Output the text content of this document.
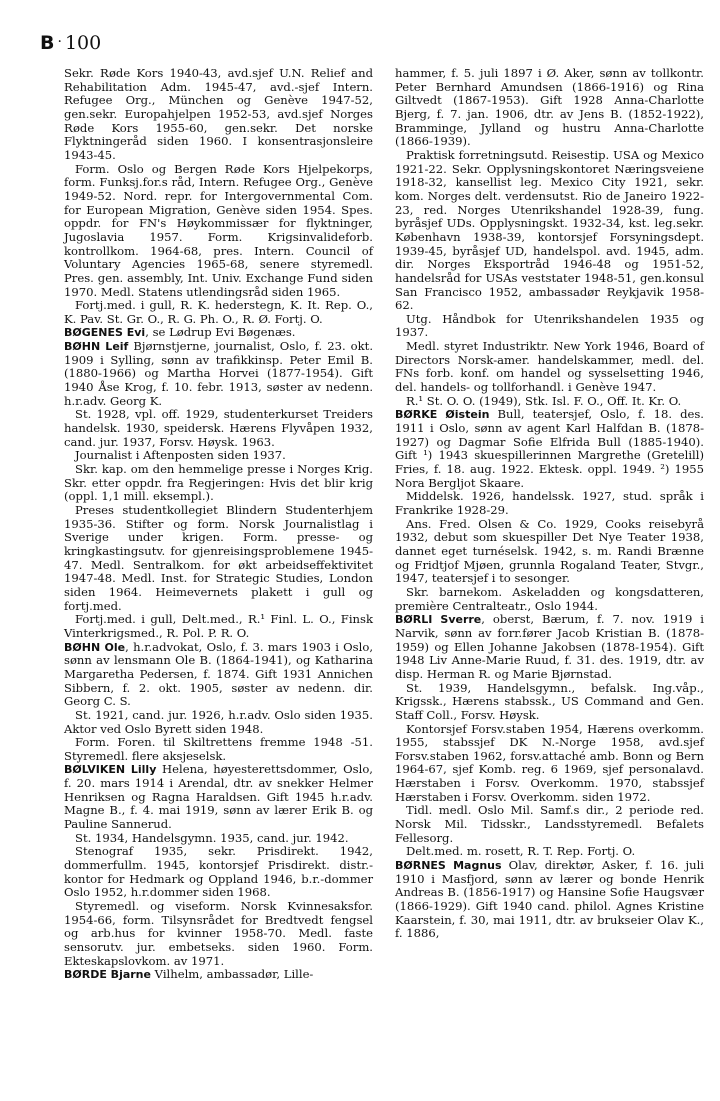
B · 100

Sekr. Røde Kors 1940-43, avd.sjef U.N. Relief and Rehabilitation Adm. 1945-47, avd.-sjef Intern. Refugee Org., München og Genève 1947-52, gen.sekr. Europahjelpen 1952-53, avd.sjef Norges Røde Kors 1955-60, gen.sekr. Det norske Flyktningeråd siden 1960. I konsentrasjonsleire 1943-45.

Form. Oslo og Bergen Røde Kors Hjelpekorps, form. Funksj.for.s råd, Intern. Refugee Org., Genève 1949-52. Nord. repr. for Intergovernmental Com. for European Migration, Genève siden 1954. Spes. oppdr. for FN's Høykommissær for flyktninger, Jugoslavia 1957. Form. Krigsinvalideforb. kontrollkom. 1964-68, pres. Intern. Council of Voluntary Agencies 1965-68, senere styremedl. Pres. gen. assembly, Int. Univ. Exchange Fund siden 1970. Medl. Statens utlendingsråd siden 1965.

Fortj.med. i gull, R. K. hederstegn, K. It. Rep. O., K. Pav. St. Gr. O., R. G. Ph. O., R. Ø. Fortj. O.

BØGENES Evi, se Lødrup Evi Bøgenæs.

BØHN Leif Bjørnstjerne, journalist, Oslo, f. 23. okt. 1909 i Sylling, sønn av trafikkinsp. Peter Emil B. (1880-1966) og Martha Horvei (1877-1954). Gift 1940 Åse Krog, f. 10. febr. 1913, søster av nedenn. h.r.adv. Georg K.

St. 1928, vpl. off. 1929, studenterkurset Treiders handelsk. 1930, speidersk. Hærens Flyvåpen 1932, cand. jur. 1937, Forsv. Høysk. 1963.

Journalist i Aftenposten siden 1937.

Skr. kap. om den hemmelige presse i Norges Krig. Skr. etter oppdr. fra Regjeringen: Hvis det blir krig (oppl. 1,1 mill. eksempl.).

Preses studentkollegiet Blindern Studenterhjem 1935-36. Stifter og form. Norsk Journalistlag i Sverige under krigen. Form. presse- og kringkastingsutv. for gjenreisingsproblemene 1945-47. Medl. Sentralkom. for økt arbeidseffektivitet 1947-48. Medl. Inst. for Strategic Studies, London siden 1964. Heimevernets plakett i gull og fortj.med.

Fortj.med. i gull, Delt.med., R.¹ Finl. L. O., Finsk Vinterkrigsmed., R. Pol. P. R. O.

BØHN Ole, h.r.advokat, Oslo, f. 3. mars 1903 i Oslo, sønn av lensmann Ole B. (1864-1941), og Katharina Margaretha Pedersen, f. 1874. Gift 1931 Annichen Sibbern, f. 2. okt. 1905, søster av nedenn. dir. Georg C. S.

St. 1921, cand. jur. 1926, h.r.adv. Oslo siden 1935. Aktor ved Oslo Byrett siden 1948.

Form. Foren. til Skiltrettens fremme 1948 -51. Styremedl. flere aksjeselsk.

BØLVIKEN Lilly Helena, høyesterettsdommer, Oslo, f. 20. mars 1914 i Arendal, dtr. av snekker Helmer Henriksen og Ragna Haraldsen. Gift 1945 h.r.adv. Magne B., f. 4. mai 1919, sønn av lærer Erik B. og Pauline Sannerud.

St. 1934, Handelsgymn. 1935, cand. jur. 1942.

Stenograf 1935, sekr. Prisdirekt. 1942, dommerfullm. 1945, kontorsjef Prisdirekt. distr.-kontor for Hedmark og Oppland 1946, b.r.-dommer Oslo 1952, h.r.dommer siden 1968.

Styremedl. og viseform. Norsk Kvinnesaksfor. 1954-66, form. Tilsynsrådet for Bredtvedt fengsel og arb.hus for kvinner 1958-70. Medl. faste sensorutv. jur. embetseks. siden 1960. Form. Ekteskapslovkom. av 1971.

BØRDE Bjarne Vilhelm, ambassadør, Lille-

hammer, f. 5. juli 1897 i Ø. Aker, sønn av tollkontr. Peter Bernhard Amundsen (1866-1916) og Rina Giltvedt (1867-1953). Gift 1928 Anna-Charlotte Bjerg, f. 7. jan. 1906, dtr. av Jens B. (1852-1922), Bramminge, Jylland og hustru Anna-Charlotte (1866-1939).

Praktisk forretningsutd. Reisestip. USA og Mexico 1921-22. Sekr. Opplysningskontoret Næringsveiene 1918-32, kansellist leg. Mexico City 1921, sekr. kom. Norges delt. verdensutst. Rio de Janeiro 1922-23, red. Norges Utenrikshandel 1928-39, fung. byråsjef UDs. Opplysningskt. 1932-34, kst. leg.sekr. København 1938-39, kontorsjef Forsyningsdept. 1939-45, byråsjef UD, handelspol. avd. 1945, adm. dir. Norges Eksportråd 1946-48 og 1951-52, handelsråd for USAs veststater 1948-51, gen.konsul San Francisco 1952, ambassadør Reykjavik 1958-62.

Utg. Håndbok for Utenrikshandelen 1935 og 1937.

Medl. styret Industriktr. New York 1946, Board of Directors Norsk-amer. handelskammer, medl. del. FNs forb. konf. om handel og sysselsetting 1946, del. handels- og tollforhandl. i Genève 1947.

R.¹ St. O. O. (1949), Stk. Isl. F. O., Off. It. Kr. O.

BØRKE Øistein Bull, teatersjef, Oslo, f. 18. des. 1911 i Oslo, sønn av agent Karl Halfdan B. (1878-1927) og Dagmar Sofie Elfrida Bull (1885-1940). Gift ¹) 1943 skuespillerinnen Margrethe (Gretelill) Fries, f. 18. aug. 1922. Ektesk. oppl. 1949. ²) 1955 Nora Bergljot Skaare.

Middelsk. 1926, handelssk. 1927, stud. språk i Frankrike 1928-29.

Ans. Fred. Olsen & Co. 1929, Cooks reisebyrå 1932, debut som skuespiller Det Nye Teater 1938, dannet eget turnéselsk. 1942, s. m. Randi Brænne og Fridtjof Mjøen, grunnla Rogaland Teater, Stvgr., 1947, teatersjef i to sesonger.

Skr. barnekom. Askeladden og kongsdatteren, première Centralteatr., Oslo 1944.

BØRLI Sverre, oberst, Bærum, f. 7. nov. 1919 i Narvik, sønn av forr.fører Jacob Kristian B. (1878-1959) og Ellen Johanne Jakobsen (1878-1954). Gift 1948 Liv Anne-Marie Ruud, f. 31. des. 1919, dtr. av disp. Herman R. og Marie Bjørnstad.

St. 1939, Handelsgymn., befalsk. Ing.våp., Krigssk., Hærens stabssk., US Command and Gen. Staff Coll., Forsv. Høysk.

Kontorsjef Forsv.staben 1954, Hærens overkomm. 1955, stabssjef DK N.-Norge 1958, avd.sjef Forsv.staben 1962, forsv.attaché amb. Bonn og Bern 1964-67, sjef Komb. reg. 6 1969, sjef personalavd. Hærstaben i Forsv. Overkomm. 1970, stabssjef Hærstaben i Forsv. Overkomm. siden 1972.

Tidl. medl. Oslo Mil. Samf.s dir., 2 periode red. Norsk Mil. Tidsskr., Landsstyremedl. Befalets Fellesorg.

Delt.med. m. rosett, R. T. Rep. Fortj. O.

BØRNES Magnus Olav, direktør, Asker, f. 16. juli 1910 i Masfjord, sønn av lærer og bonde Henrik Andreas B. (1856-1917) og Hansine Sofie Haugsvær (1866-1929). Gift 1940 cand. philol. Agnes Kristine Kaarstein, f. 30, mai 1911, dtr. av brukseier Olav K., f. 1886,
